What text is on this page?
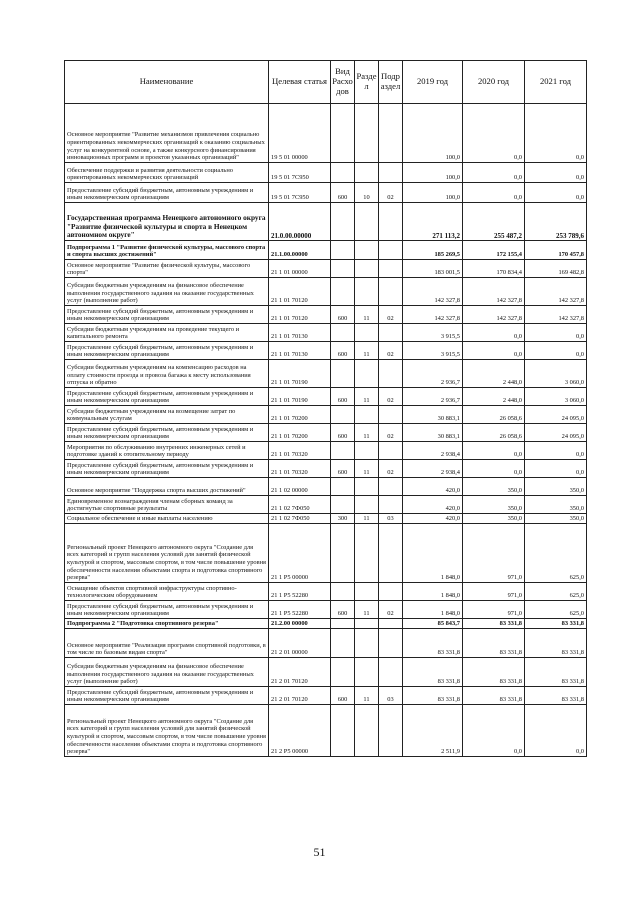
Наименование	Целевая статья	Вид Расхо дов	Разде л	Подр аздел	2019 год	2020 год	2021 год
Основное мероприятие "Развитие механизмов привлечения социально ориентированных некоммерческих организаций к оказанию социальных услуг на конкурентной основе, а также конкурсного финансирования инновационных программ и проектов указанных организаций"	19 5 01 00000				100,0	0,0	0,0
Обеспечение поддержки и развития деятельности социально ориентированных некоммерческих организаций	19 5 01 7С950				100,0	0,0	0,0
Предоставление субсидий бюджетным, автономным учреждениям и иным некоммерческим организациям	19 5 01 7С950	600	10	02	100,0	0,0	0,0
Государственная программа Ненецкого автономного округа "Развитие физической культуры и спорта в Ненецком автономном округе"	21.0.00.00000				271 113,2	255 487,2	253 789,6
Подпрограмма 1 "Развитие физической культуры, массового спорта и спорта высших достижений"	21.1.00.00000				185 269,5	172 155,4	170 457,8
Основное мероприятие "Развитие физической культуры, массового спорта"	21 1 01 00000				183 001,5	170 834,4	169 482,8
Субсидии бюджетным учреждениям на финансовое обеспечение выполнения государственного задания на оказание государственных услуг (выполнение работ)	21 1 01 70120				142 327,8	142 327,8	142 327,8
Предоставление субсидий бюджетным, автономным учреждениям и иным некоммерческим организациям	21 1 01 70120	600	11	02	142 327,8	142 327,8	142 327,8
Субсидии бюджетным учреждениям на проведение текущего и капитального ремонта	21 1 01 70130				3 915,5	0,0	0,0
Предоставление субсидий бюджетным, автономным учреждениям и иным некоммерческим организациям	21 1 01 70130	600	11	02	3 915,5	0,0	0,0
Субсидии бюджетным учреждениям на компенсацию расходов на оплату стоимости проезда и провоза багажа к месту использования отпуска и обратно	21 1 01 70190				2 936,7	2 448,0	3 060,0
Предоставление субсидий бюджетным, автономным учреждениям и иным некоммерческим организациям	21 1 01 70190	600	11	02	2 936,7	2 448,0	3 060,0
Субсидии бюджетным учреждениям на возмещение затрат по коммунальным услугам	21 1 01 70200				30 883,1	26 058,6	24 095,0
Предоставление субсидий бюджетным, автономным учреждениям и иным некоммерческим организациям	21 1 01 70200	600	11	02	30 883,1	26 058,6	24 095,0
Мероприятия по обслуживанию внутренних инженерных сетей и подготовке зданий к отопительному периоду	21 1 01 70320				2 938,4	0,0	0,0
Предоставление субсидий бюджетным, автономным учреждениям и иным некоммерческим организациям	21 1 01 70320	600	11	02	2 938,4	0,0	0,0
Основное мероприятие "Поддержка спорта высших достижений"	21 1 02 00000				420,0	350,0	350,0
Единовременное вознаграждения членам сборных команд за достигнутые спортивные результаты	21 1 02 7Ф050				420,0	350,0	350,0
Социальное обеспечение и иные выплаты населению	21 1 02 7Ф050	300	11	03	420,0	350,0	350,0
Региональный проект Ненецкого автономного округа "Создание для всех категорий и групп населения условий для занятий физической культурой и спортом, массовым спортом, в том числе повышение уровня обеспеченности населения объектами спорта и подготовка спортивного резерва"	21 1 P5 00000				1 848,0	971,0	625,0
Оснащение объектов спортивной инфраструктуры спортивно-технологическим оборудованием	21 1 P5 52280				1 848,0	971,0	625,0
Предоставление субсидий бюджетным, автономным учреждениям и иным некоммерческим организациям	21 1 P5 52280	600	11	02	1 848,0	971,0	625,0
Подпрограмма 2 "Подготовка спортивного резерва"	21.2.00 00000				85 843,7	83 331,8	83 331,8
Основное мероприятие "Реализация программ спортивной подготовки, в том числе по базовым видам спорта"	21 2 01 00000				83 331,8	83 331,8	83 331,8
Субсидии бюджетным учреждениям на финансовое обеспечение выполнения государственного задания на оказание государственных услуг (выполнение работ)	21 2 01 70120				83 331,8	83 331,8	83 331,8
Предоставление субсидий бюджетным, автономным учреждениям и иным некоммерческим организациям	21 2 01 70120	600	11	03	83 331,8	83 331,8	83 331,8
Региональный проект Ненецкого автономного округа "Создание для всех категорий и групп населения условий для занятий физической культурой и спортом, массовым спортом, в том числе повышение уровня обеспеченности населения объектами спорта и подготовка спортивного резерва"	21 2 P5 00000				2 511,9	0,0	0,0
51
